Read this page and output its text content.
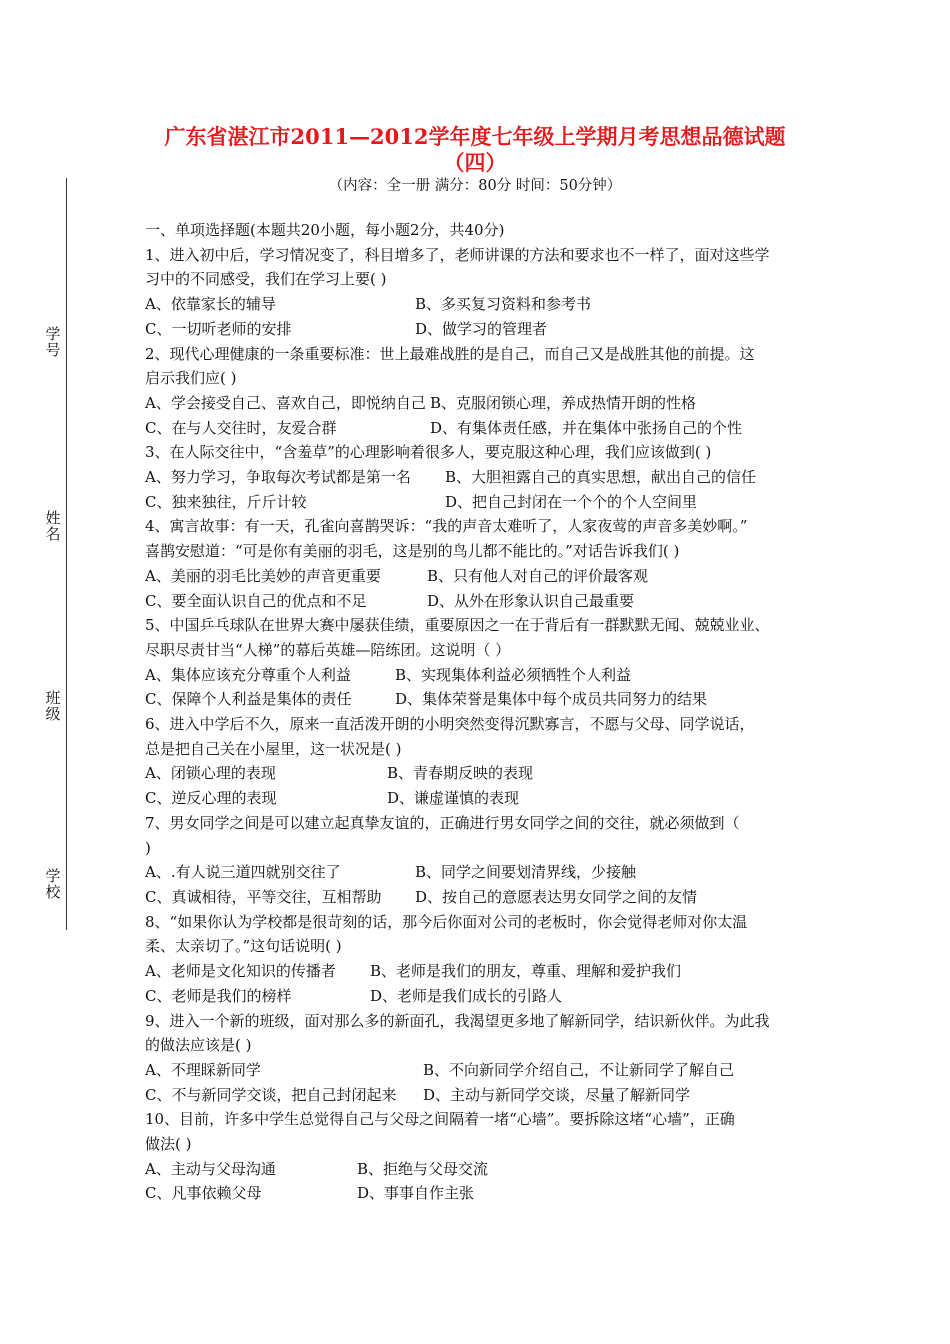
学号
姓名
班级
学校
广东省湛江市2011—2012学年度七年级上学期月考思想品德试题
（四）
（内容：全一册 满分：80分 时间：50分钟）

一、单项选择题(本题共20小题，每小题2分，共40分)

1、进入初中后，学习情况变了，科目增多了，老师讲课的方法和要求也不一样了，面对这些学

习中的不同感受，我们在学习上要( )

A、依靠家长的辅导	B、多买复习资料和参考书
C、一切听老师的安排	D、做学习的管理者

2、现代心理健康的一条重要标准：世上最难战胜的是自己，而自己又是战胜其他的前提。这

启示我们应( )

A、学会接受自己、喜欢自己，即悦纳自己 B、克服闭锁心理，养成热情开朗的性格
C、在与人交往时，友爱合群	D、有集体责任感，并在集体中张扬自己的个性

3、在人际交往中，“含羞草”的心理影响着很多人，要克服这种心理，我们应该做到( )

A、努力学习，争取每次考试都是第一名	B、大胆袒露自己的真实思想，献出自己的信任
C、独来独往，斤斤计较	D、把自己封闭在一个个的个人空间里

4、寓言故事：有一天，孔雀向喜鹊哭诉：“我的声音太难听了，人家夜莺的声音多美妙啊。”

喜鹊安慰道：“可是你有美丽的羽毛，这是别的鸟儿都不能比的。”对话告诉我们( )

A、美丽的羽毛比美妙的声音更重要	B、只有他人对自己的评价最客观
C、要全面认识自己的优点和不足	D、从外在形象认识自己最重要

5、中国乒乓球队在世界大赛中屡获佳绩，重要原因之一在于背后有一群默默无闻、兢兢业业、

尽职尽责甘当“人梯”的幕后英雄—陪练团。这说明（ ）

A、集体应该充分尊重个人利益	B、实现集体利益必须牺牲个人利益
C、保障个人利益是集体的责任	D、集体荣誉是集体中每个成员共同努力的结果

6、进入中学后不久，原来一直活泼开朗的小明突然变得沉默寡言，不愿与父母、同学说话，

总是把自己关在小屋里，这一状况是( )

A、闭锁心理的表现	B、青春期反映的表现
C、逆反心理的表现	D、谦虚谨慎的表现

7、男女同学之间是可以建立起真挚友谊的，正确进行男女同学之间的交往，就必须做到（

)

A、.有人说三道四就别交往了	B、同学之间要划清界线，少接触
C、真诚相待，平等交往，互相帮助	D、按自己的意愿表达男女同学之间的友情

8、“如果你认为学校都是很苛刻的话，那今后你面对公司的老板时，你会觉得老师对你太温

柔、太亲切了。”这句话说明( )

A、老师是文化知识的传播者	B、老师是我们的朋友，尊重、理解和爱护我们
C、老师是我们的榜样	D、老师是我们成长的引路人

9、进入一个新的班级，面对那么多的新面孔，我渴望更多地了解新同学，结识新伙伴。为此我

的做法应该是( )

A、不理睬新同学	B、不向新同学介绍自己，不让新同学了解自己
C、不与新同学交谈，把自己封闭起来	D、主动与新同学交谈，尽量了解新同学

10、目前，许多中学生总觉得自己与父母之间隔着一堵“心墙”。要拆除这堵“心墙”，正确

做法( )

A、主动与父母沟通	B、拒绝与父母交流
C、凡事依赖父母	D、事事自作主张
